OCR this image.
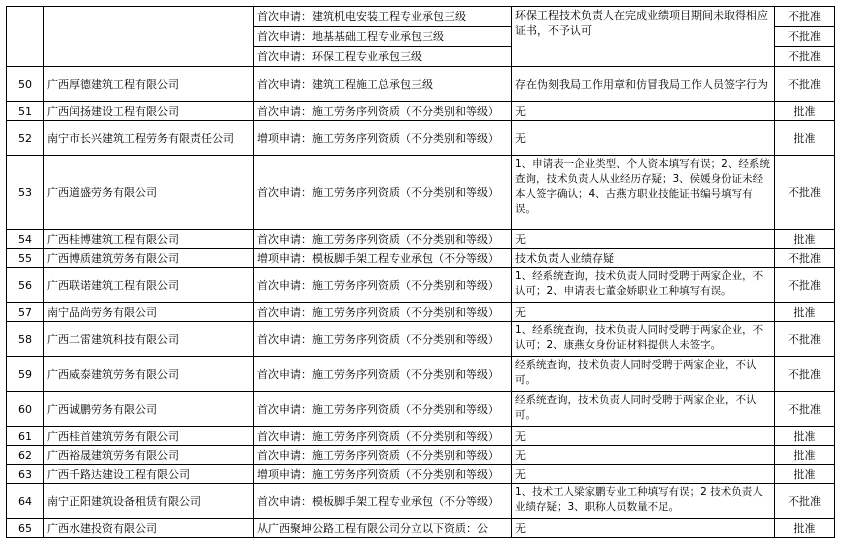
		首次申请：建筑机电安装工程专业承包三级	环保工程技术负责人在完成业绩项目期间未取得相应证书，不予认可	不批准
		首次申请：地基基础工程专业承包三级		不批准
		首次申请：环保工程专业承包三级		不批准
50	广西厚德建筑工程有限公司	首次申请：建筑工程施工总承包三级	存在伪刻我局工作用章和仿冒我局工作人员签字行为	不批准
51	广西闰扬建设工程有限公司	首次申请：施工劳务序列资质（不分类别和等级）	无	批准
52	南宁市长兴建筑工程劳务有限责任公司	增项申请：施工劳务序列资质（不分类别和等级）	无	批准
53	广西道盛劳务有限公司	首次申请：施工劳务序列资质（不分类别和等级）	1、申请表一企业类型、个人资本填写有误；2、经系统查询，技术负责人从业经历存疑；3、侯媛身份证未经本人签字确认；4、古燕方职业技能证书编号填写有误。	不批准
54	广西桂博建筑工程有限公司	首次申请：施工劳务序列资质（不分类别和等级）	无	批准
55	广西博质建筑劳务有限公司	增项申请：模板脚手架工程专业承包（不分等级）	技术负责人业绩存疑	不批准
56	广西联诺建筑工程有限公司	首次申请：施工劳务序列资质（不分类别和等级）	1、经系统查询，技术负责人同时受聘于两家企业，不认可；2、申请表七董金娇职业工种填写有误。	不批准
57	南宁品尚劳务有限公司	首次申请：施工劳务序列资质（不分类别和等级）	无	批准
58	广西二雷建筑科技有限公司	首次申请：施工劳务序列资质（不分类别和等级）	1、经系统查询，技术负责人同时受聘于两家企业，不认可；2、康燕女身份证材料提供人未签字。	不批准
59	广西威泰建筑劳务有限公司	首次申请：施工劳务序列资质（不分类别和等级）	经系统查询，技术负责人同时受聘于两家企业，不认可。	不批准
60	广西诚鹏劳务有限公司	首次申请：施工劳务序列资质（不分类别和等级）	经系统查询，技术负责人同时受聘于两家企业，不认可。	不批准
61	广西桂首建筑劳务有限公司	首次申请：施工劳务序列资质（不分类别和等级）	无	批准
62	广西裕晟建筑劳务有限公司	首次申请：施工劳务序列资质（不分类别和等级）	无	批准
63	广西千路达建设工程有限公司	增项申请：施工劳务序列资质（不分类别和等级）	无	批准
64	南宁正阳建筑设备租赁有限公司	首次申请：模板脚手架工程专业承包（不分等级）	1、技术工人梁家鹏专业工种填写有误；2 技术负责人业绩存疑；3、职称人员数量不足。	不批准
65	广西水建投资有限公司	从广西聚坤公路工程有限公司分立以下资质：公	无	批准
